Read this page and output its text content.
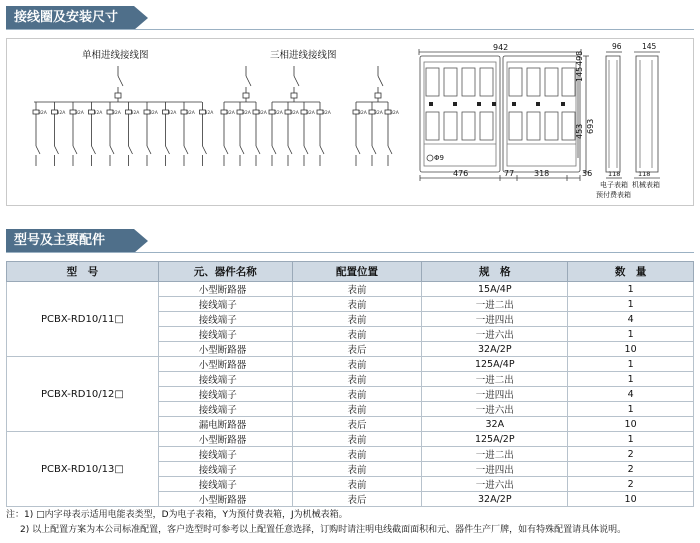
接线圈及安装尺寸
单相进线接线图
32A 32A 32A 32A 32A 32A 32A 32A 32A 32A
三相进线接线图
32A 32A 32A 32A 32A 32A 32A	32A 32A 32A
942
Φ9
693
453
145
498
476	77 318	36
96	145
118	118
电子表箱
预付费表箱
机械表箱
型号及主要配件
型　号	元、器件名称	配置位置	规　格	数　量
PCBX-RD10/11□	小型断路器	表前	15A/4P	1
	接线端子	表前	一进二出	1
	接线端子	表前	一进四出	4
	接线端子	表前	一进六出	1
	小型断路器	表后	32A/2P	10
PCBX-RD10/12□	小型断路器	表前	125A/4P	1
	接线端子	表前	一进二出	1
	接线端子	表前	一进四出	4
	接线端子	表前	一进六出	1
	漏电断路器	表后	32A	10
PCBX-RD10/13□	小型断路器	表前	125A/2P	1
	接线端子	表前	一进二出	2
	接线端子	表前	一进四出	2
	接线端子	表前	一进六出	2
	小型断路器	表后	32A/2P	10
注：1) □内字母表示适用电能表类型，D为电子表箱，Y为预付费表箱，J为机械表箱。
2) 以上配置方案为本公司标准配置，客户选型时可参考以上配置任意选择，订购时请注明电线截面面积和元、器件生产厂牌，如有特殊配置请具体说明。
